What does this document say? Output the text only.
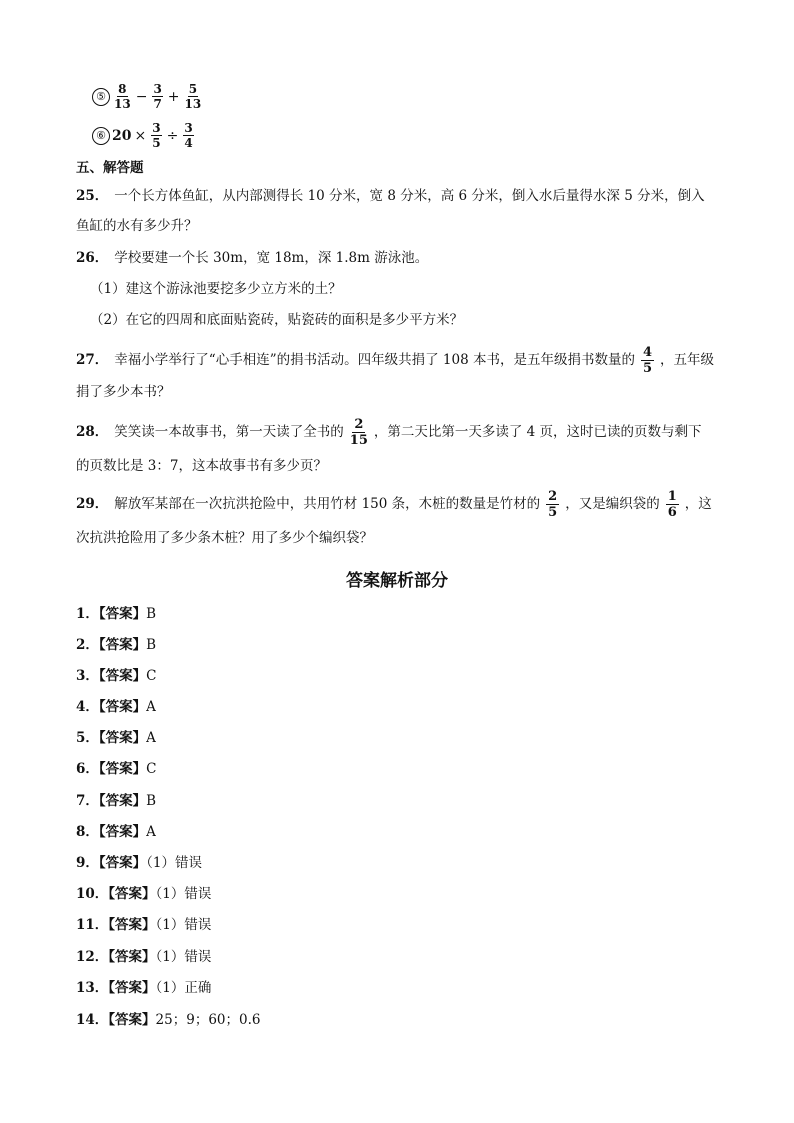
⑤ $\frac{8}{13} - \frac{3}{7} + \frac{5}{13}$
⑥ $20 \times \frac{3}{5} \div \frac{3}{4}$
五、解答题
25． 一个长方体鱼缸，从内部测得长 10 分米，宽 8 分米，高 6 分米，倒入水后量得水深 5 分米，倒入
鱼缸的水有多少升？
26． 学校要建一个长 30m，宽 18m，深 1.8m 游泳池。
（1）建这个游泳池要挖多少立方米的土？
（2）在它的四周和底面贴瓷砖，贴瓷砖的面积是多少平方米？
27． 幸福小学举行了“心手相连”的捐书活动。四年级共捐了 108 本书，是五年级捐书数量的 $\frac{4}{5}$ ，五年级
捐了多少本书？
28． 笑笑读一本故事书，第一天读了全书的 $\frac{2}{15}$ ，第二天比第一天多读了 4 页，这时已读的页数与剩下
的页数比是 3：7，这本故事书有多少页？
29． 解放军某部在一次抗洪抢险中，共用竹材 150 条，木桩的数量是竹材的 $\frac{2}{5}$ ，又是编织袋的 $\frac{1}{6}$ ，这
次抗洪抢险用了多少条木桩？用了多少个编织袋？
答案解析部分
1．【答案】B
2．【答案】B
3．【答案】C
4．【答案】A
5．【答案】A
6．【答案】C
7．【答案】B
8．【答案】A
9．【答案】（1）错误
10．【答案】（1）错误
11．【答案】（1）错误
12．【答案】（1）错误
13．【答案】（1）正确
14．【答案】25；9；60；0.6
